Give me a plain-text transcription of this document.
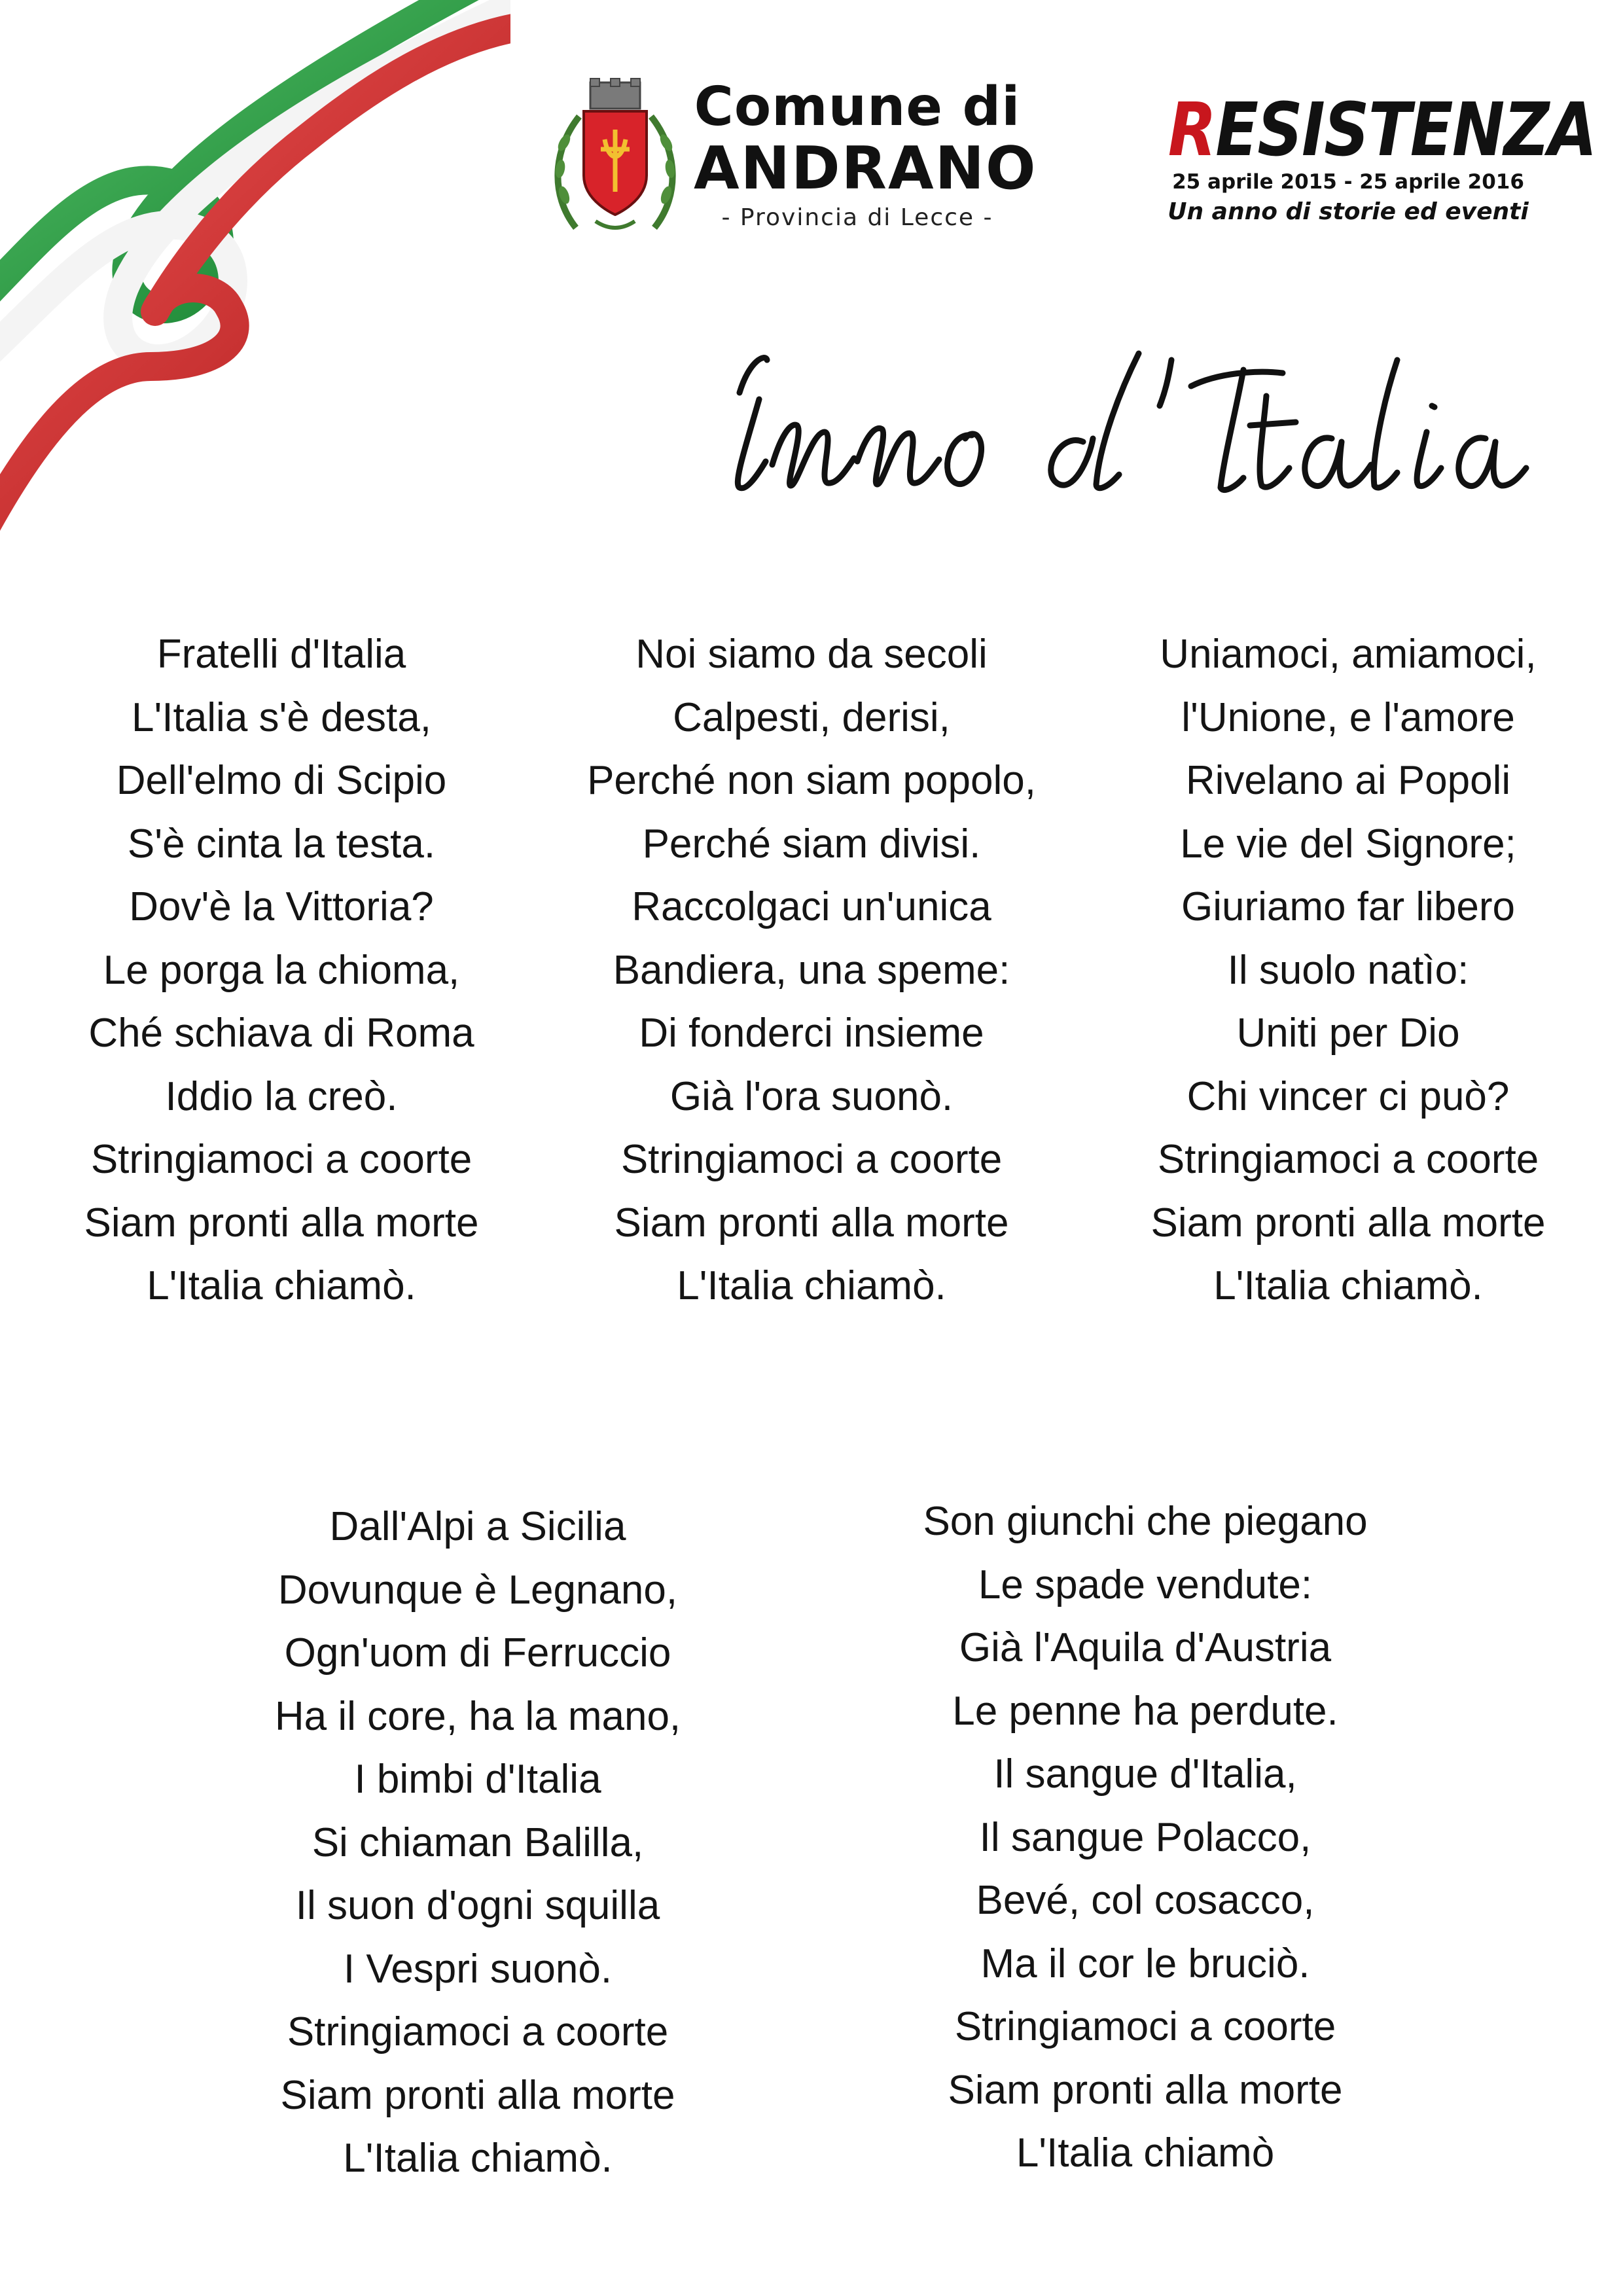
Comune di
ANDRANO
- Provincia di Lecce -
RESISTENZA
25 aprile 2015 - 25 aprile 2016
Un anno di storie ed eventi
Fratelli d'Italia
L'Italia s'è desta,
Dell'elmo di Scipio
S'è cinta la testa.
Dov'è la Vittoria?
Le porga la chioma,
Ché schiava di Roma
Iddio la creò.
Stringiamoci a coorte
Siam pronti alla morte
L'Italia chiamò.
Noi siamo da secoli
Calpesti, derisi,
Perché non siam popolo,
Perché siam divisi.
Raccolgaci un'unica
Bandiera, una speme:
Di fonderci insieme
Già l'ora suonò.
Stringiamoci a coorte
Siam pronti alla morte
L'Italia chiamò.
Uniamoci, amiamoci,
l'Unione, e l'amore
Rivelano ai Popoli
Le vie del Signore;
Giuriamo far libero
Il suolo natìo:
Uniti per Dio
Chi vincer ci può?
Stringiamoci a coorte
Siam pronti alla morte
L'Italia chiamò.
Dall'Alpi a Sicilia
Dovunque è Legnano,
Ogn'uom di Ferruccio
Ha il core, ha la mano,
I bimbi d'Italia
Si chiaman Balilla,
Il suon d'ogni squilla
I Vespri suonò.
Stringiamoci a coorte
Siam pronti alla morte
L'Italia chiamò.
Son giunchi che piegano
Le spade vendute:
Già l'Aquila d'Austria
Le penne ha perdute.
Il sangue d'Italia,
Il sangue Polacco,
Bevé, col cosacco,
Ma il cor le bruciò.
Stringiamoci a coorte
Siam pronti alla morte
L'Italia chiamò
